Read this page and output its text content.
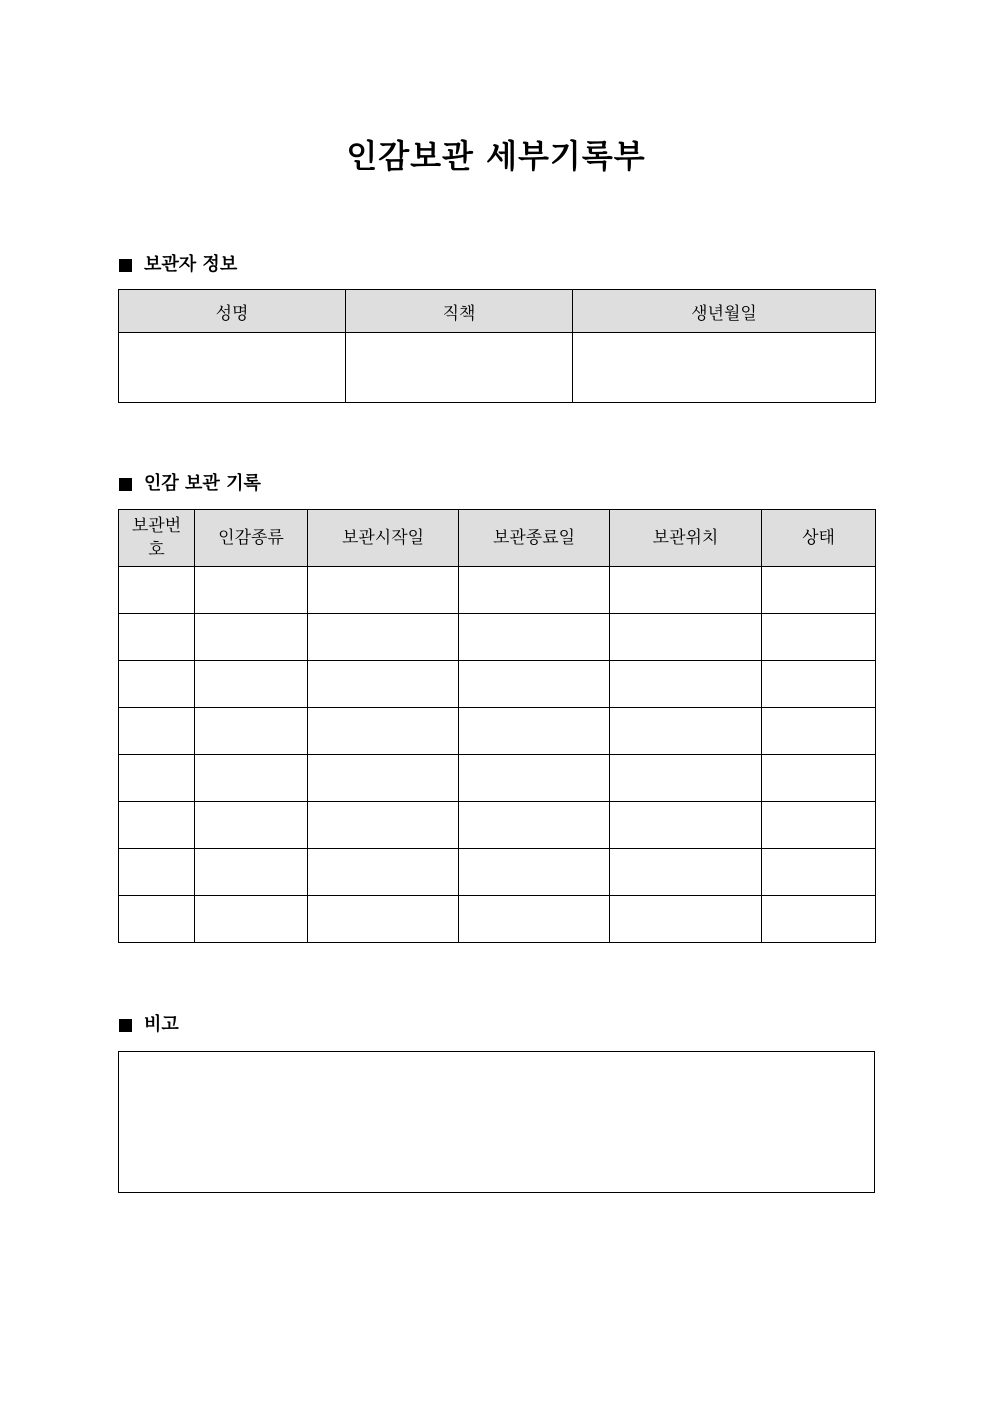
인감보관 세부기록부
보관자 정보
성명	직책	생년월일

인감 보관 기록
보관번호	인감종류	보관시작일	보관종료일	보관위치	상태

비고
